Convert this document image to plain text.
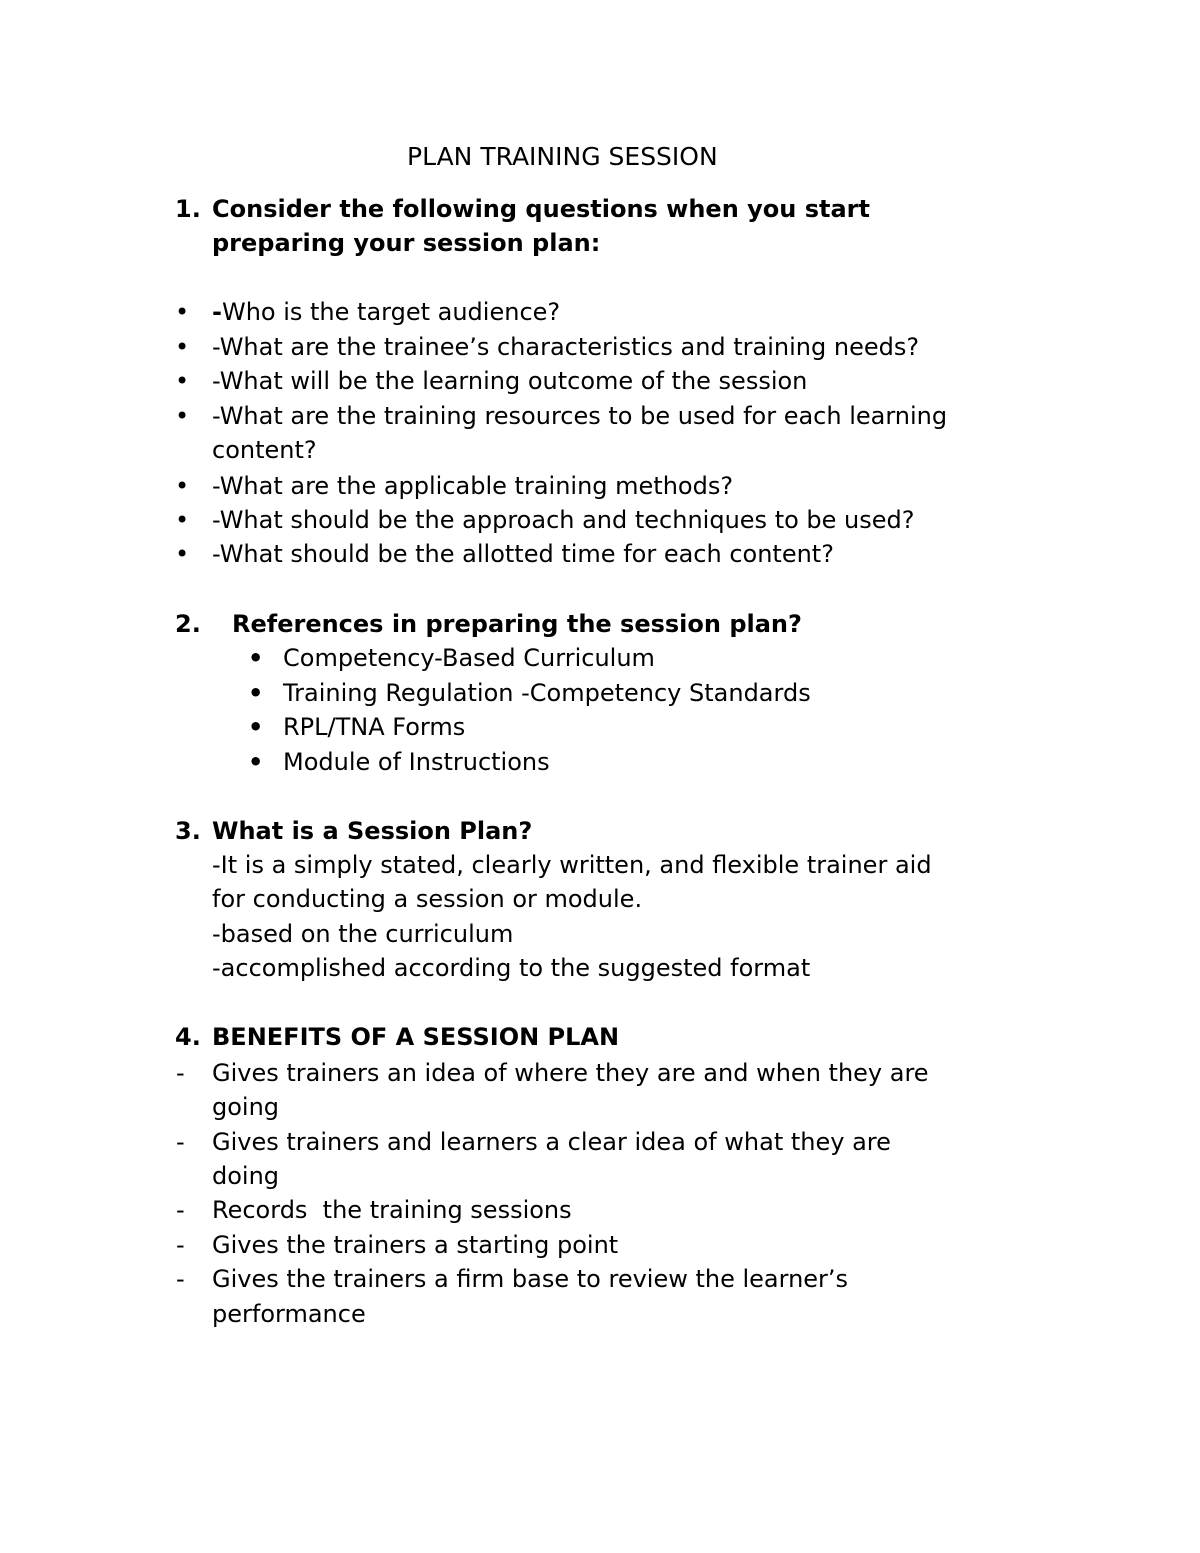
PLAN TRAINING SESSION
1. Consider the following questions when you start
preparing your session plan:
• -Who is the target audience?
• -What are the trainee’s characteristics and training needs?
• -What will be the learning outcome of the session
• -What are the training resources to be used for each learning
content?
• -What are the applicable training methods?
• -What should be the approach and techniques to be used?
• -What should be the allotted time for each content?
2. References in preparing the session plan?
• Competency-Based Curriculum
• Training Regulation -Competency Standards
• RPL/TNA Forms
• Module of Instructions
3. What is a Session Plan?
-It is a simply stated, clearly written, and flexible trainer aid
for conducting a session or module.
-based on the curriculum
-accomplished according to the suggested format
4. BENEFITS OF A SESSION PLAN
- Gives trainers an idea of where they are and when they are
going
- Gives trainers and learners a clear idea of what they are
doing
- Records  the training sessions
- Gives the trainers a starting point
- Gives the trainers a firm base to review the learner’s
performance
